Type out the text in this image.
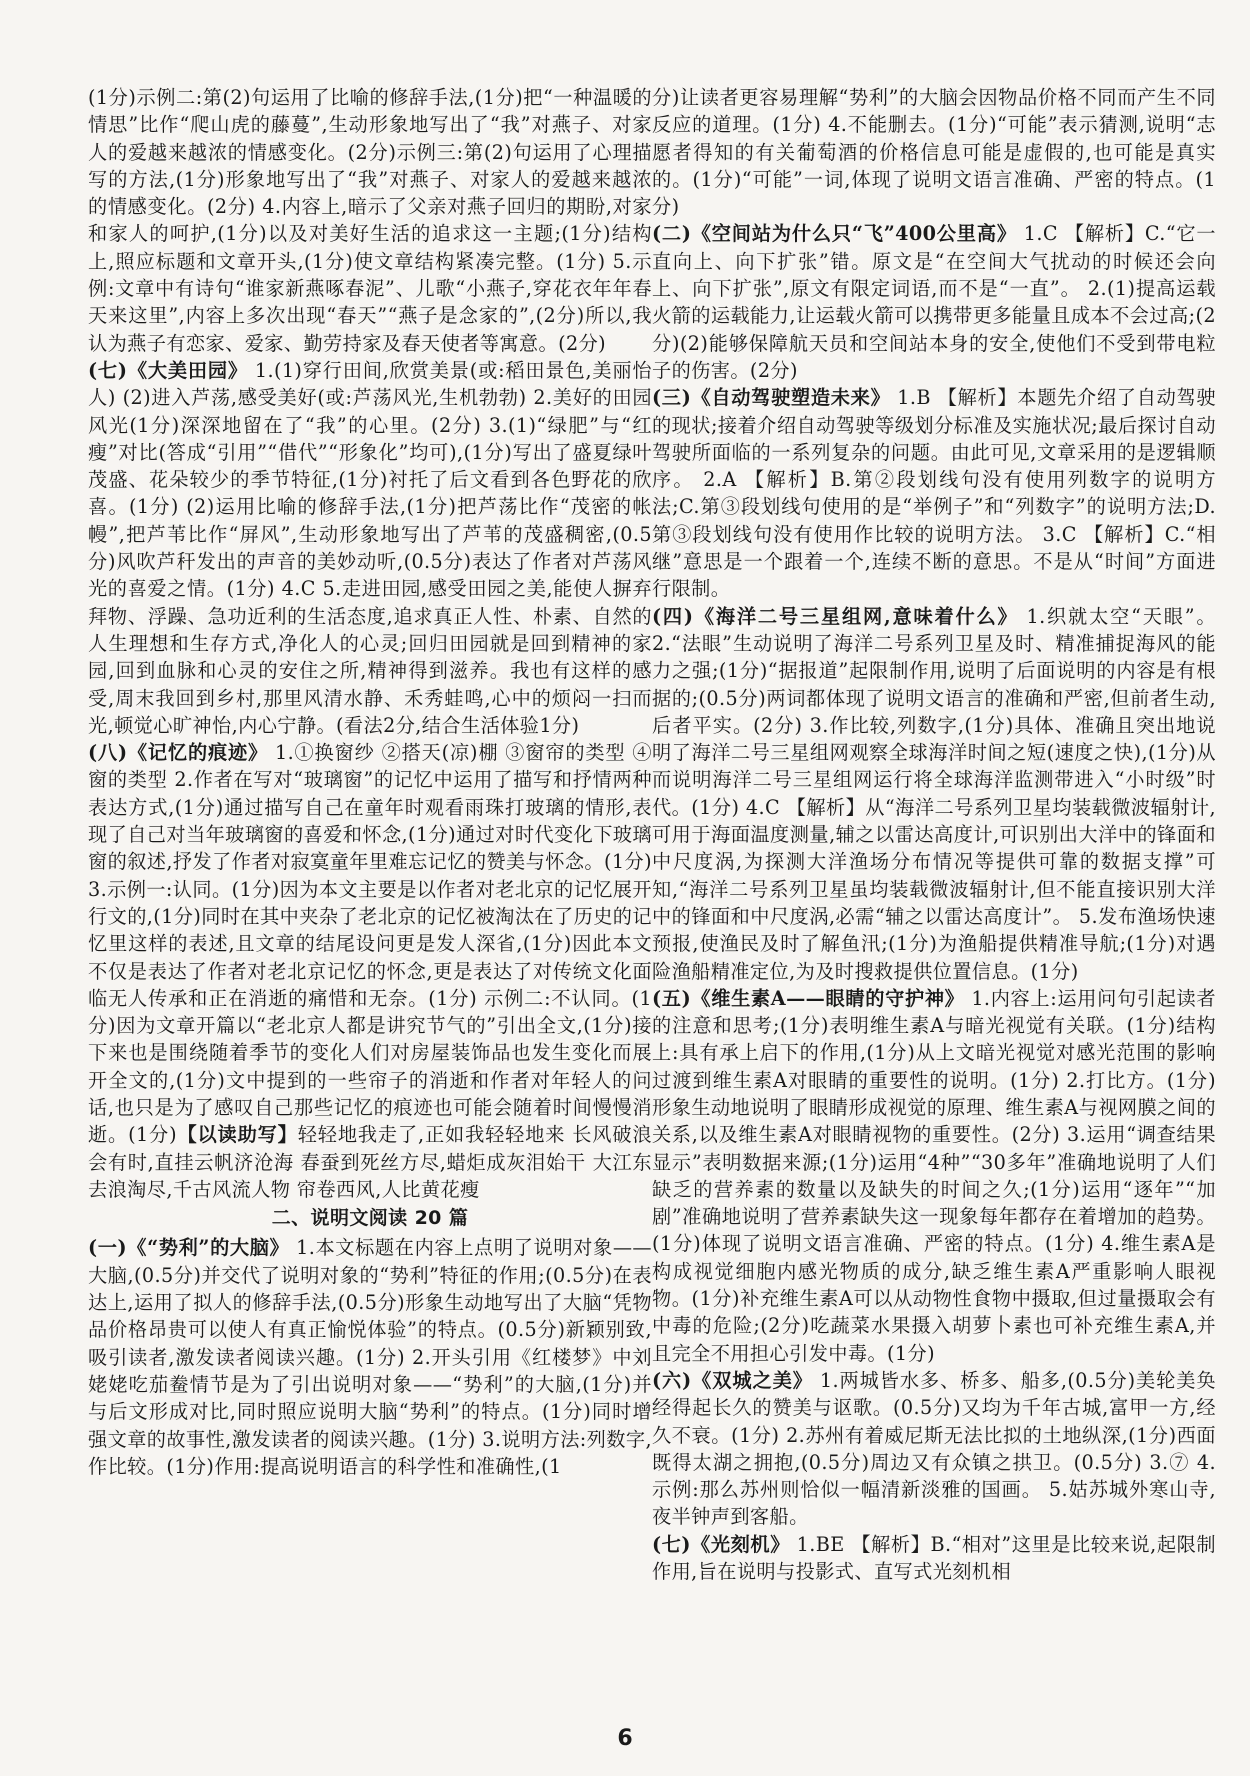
(1分)示例二:第(2)句运用了比喻的修辞手法,(1分)把“一种温暖的情思”比作“爬山虎的藤蔓”,生动形象地写出了“我”对燕子、对家人的爱越来越浓的情感变化。(2分)示例三:第(2)句运用了心理描写的方法,(1分)形象地写出了“我”对燕子、对家人的爱越来越浓的情感变化。(2分) 4.内容上,暗示了父亲对燕子回归的期盼,对家和家人的呵护,(1分)以及对美好生活的追求这一主题;(1分)结构上,照应标题和文章开头,(1分)使文章结构紧凑完整。(1分) 5.示例:文章中有诗句“谁家新燕啄春泥”、儿歌“小燕子,穿花衣年年春天来这里”,内容上多次出现“春天”“燕子是念家的”,(2分)所以,我认为燕子有恋家、爱家、勤劳持家及春天使者等寓意。(2分)
(七)《大美田园》 1.(1)穿行田间,欣赏美景(或:稻田景色,美丽怡人) (2)进入芦荡,感受美好(或:芦荡风光,生机勃勃) 2.美好的田园风光(1分)深深地留在了“我”的心里。(2分) 3.(1)“绿肥”与“红瘦”对比(答成“引用”“借代”“形象化”均可),(1分)写出了盛夏绿叶茂盛、花朵较少的季节特征,(1分)衬托了后文看到各色野花的欣喜。(1分) (2)运用比喻的修辞手法,(1分)把芦荡比作“茂密的帐幔”,把芦苇比作“屏风”,生动形象地写出了芦苇的茂盛稠密,(0.5分)风吹芦秆发出的声音的美妙动听,(0.5分)表达了作者对芦荡风光的喜爱之情。(1分) 4.C 5.走进田园,感受田园之美,能使人摒弃拜物、浮躁、急功近利的生活态度,追求真正人性、朴素、自然的人生理想和生存方式,净化人的心灵;回归田园就是回到精神的家园,回到血脉和心灵的安住之所,精神得到滋养。我也有这样的感受,周末我回到乡村,那里风清水静、禾秀蛙鸣,心中的烦闷一扫而光,顿觉心旷神怡,内心宁静。(看法2分,结合生活体验1分)
(八)《记忆的痕迹》 1.①换窗纱 ②搭天(凉)棚 ③窗帘的类型 ④窗的类型 2.作者在写对“玻璃窗”的记忆中运用了描写和抒情两种表达方式,(1分)通过描写自己在童年时观看雨珠打玻璃的情形,表现了自己对当年玻璃窗的喜爱和怀念,(1分)通过对时代变化下玻璃窗的叙述,抒发了作者对寂寞童年里难忘记忆的赞美与怀念。(1分) 3.示例一:认同。(1分)因为本文主要是以作者对老北京的记忆展开行文的,(1分)同时在其中夹杂了老北京的记忆被淘汰在了历史的记忆里这样的表述,且文章的结尾设问更是发人深省,(1分)因此本文不仅是表达了作者对老北京记忆的怀念,更是表达了对传统文化面临无人传承和正在消逝的痛惜和无奈。(1分) 示例二:不认同。(1分)因为文章开篇以“老北京人都是讲究节气的”引出全文,(1分)接下来也是围绕随着季节的变化人们对房屋装饰品也发生变化而展开全文的,(1分)文中提到的一些帘子的消逝和作者对年轻人的问话,也只是为了感叹自己那些记忆的痕迹也可能会随着时间慢慢消逝。(1分)【以读助写】轻轻地我走了,正如我轻轻地来 长风破浪会有时,直挂云帆济沧海 春蚕到死丝方尽,蜡炬成灰泪始干 大江东去浪淘尽,千古风流人物 帘卷西风,人比黄花瘦
二、说明文阅读 20 篇
(一)《“势利”的大脑》 1.本文标题在内容上点明了说明对象——大脑,(0.5分)并交代了说明对象的“势利”特征的作用;(0.5分)在表达上,运用了拟人的修辞手法,(0.5分)形象生动地写出了大脑“凭物品价格昂贵可以使人有真正愉悦体验”的特点。(0.5分)新颖别致,吸引读者,激发读者阅读兴趣。(1分) 2.开头引用《红楼梦》中刘姥姥吃茄鲞情节是为了引出说明对象——“势利”的大脑,(1分)并与后文形成对比,同时照应说明大脑“势利”的特点。(1分)同时增强文章的故事性,激发读者的阅读兴趣。(1分) 3.说明方法:列数字,作比较。(1分)作用:提高说明语言的科学性和准确性,(1
分)让读者更容易理解“势利”的大脑会因物品价格不同而产生不同反应的道理。(1分) 4.不能删去。(1分)“可能”表示猜测,说明“志愿者得知的有关葡萄酒的价格信息可能是虚假的,也可能是真实的。(1分)“可能”一词,体现了说明文语言准确、严密的特点。(1分)
(二)《空间站为什么只“飞”400公里高》 1.C 【解析】C.“它一直向上、向下扩张”错。原文是“在空间大气扰动的时候还会向上、向下扩张”,原文有限定词语,而不是“一直”。 2.(1)提高运载火箭的运载能力,让运载火箭可以携带更多能量且成本不会过高;(2分)(2)能够保障航天员和空间站本身的安全,使他们不受到带电粒子的伤害。(2分)
(三)《自动驾驶塑造未来》 1.B 【解析】本题先介绍了自动驾驶的现状;接着介绍自动驾驶等级划分标准及实施状况;最后探讨自动驾驶所面临的一系列复杂的问题。由此可见,文章采用的是逻辑顺序。 2.A 【解析】B.第②段划线句没有使用列数字的说明方法;C.第③段划线句使用的是“举例子”和“列数字”的说明方法;D.第③段划线句没有使用作比较的说明方法。 3.C 【解析】C.“相继”意思是一个跟着一个,连续不断的意思。不是从“时间”方面进行限制。
(四)《海洋二号三星组网,意味着什么》 1.织就太空“天眼”。 2.“法眼”生动说明了海洋二号系列卫星及时、精准捕捉海风的能力之强;(1分)“据报道”起限制作用,说明了后面说明的内容是有根据的;(0.5分)两词都体现了说明文语言的准确和严密,但前者生动,后者平实。(2分) 3.作比较,列数字,(1分)具体、准确且突出地说明了海洋二号三星组网观察全球海洋时间之短(速度之快),(1分)从而说明海洋二号三星组网运行将全球海洋监测带进入“小时级”时代。(1分) 4.C 【解析】从“海洋二号系列卫星均装载微波辐射计,可用于海面温度测量,辅之以雷达高度计,可识别出大洋中的锋面和中尺度涡,为探测大洋渔场分布情况等提供可靠的数据支撑”可知,“海洋二号系列卫星虽均装载微波辐射计,但不能直接识别大洋中的锋面和中尺度涡,必需“辅之以雷达高度计”。 5.发布渔场快速预报,使渔民及时了解鱼汛;(1分)为渔船提供精准导航;(1分)对遇险渔船精准定位,为及时搜救提供位置信息。(1分)
(五)《维生素A——眼睛的守护神》 1.内容上:运用问句引起读者的注意和思考;(1分)表明维生素A与暗光视觉有关联。(1分)结构上:具有承上启下的作用,(1分)从上文暗光视觉对感光范围的影响过渡到维生素A对眼睛的重要性的说明。(1分) 2.打比方。(1分)形象生动地说明了眼睛形成视觉的原理、维生素A与视网膜之间的关系,以及维生素A对眼睛视物的重要性。(2分) 3.运用“调查结果显示”表明数据来源;(1分)运用“4种”“30多年”准确地说明了人们缺乏的营养素的数量以及缺失的时间之久;(1分)运用“逐年”“加剧”准确地说明了营养素缺失这一现象每年都存在着增加的趋势。(1分)体现了说明文语言准确、严密的特点。(1分) 4.维生素A是构成视觉细胞内感光物质的成分,缺乏维生素A严重影响人眼视物。(1分)补充维生素A可以从动物性食物中摄取,但过量摄取会有中毒的危险;(2分)吃蔬菜水果摄入胡萝卜素也可补充维生素A,并且完全不用担心引发中毒。(1分)
(六)《双城之美》 1.两城皆水多、桥多、船多,(0.5分)美轮美奂经得起长久的赞美与讴歌。(0.5分)又均为千年古城,富甲一方,经久不衰。(1分) 2.苏州有着威尼斯无法比拟的土地纵深,(1分)西面既得太湖之拥抱,(0.5分)周边又有众镇之拱卫。(0.5分) 3.⑦ 4.示例:那么苏州则恰似一幅清新淡雅的国画。 5.姑苏城外寒山寺,夜半钟声到客船。
(七)《光刻机》 1.BE 【解析】B.“相对”这里是比较来说,起限制作用,旨在说明与投影式、直写式光刻机相
6
